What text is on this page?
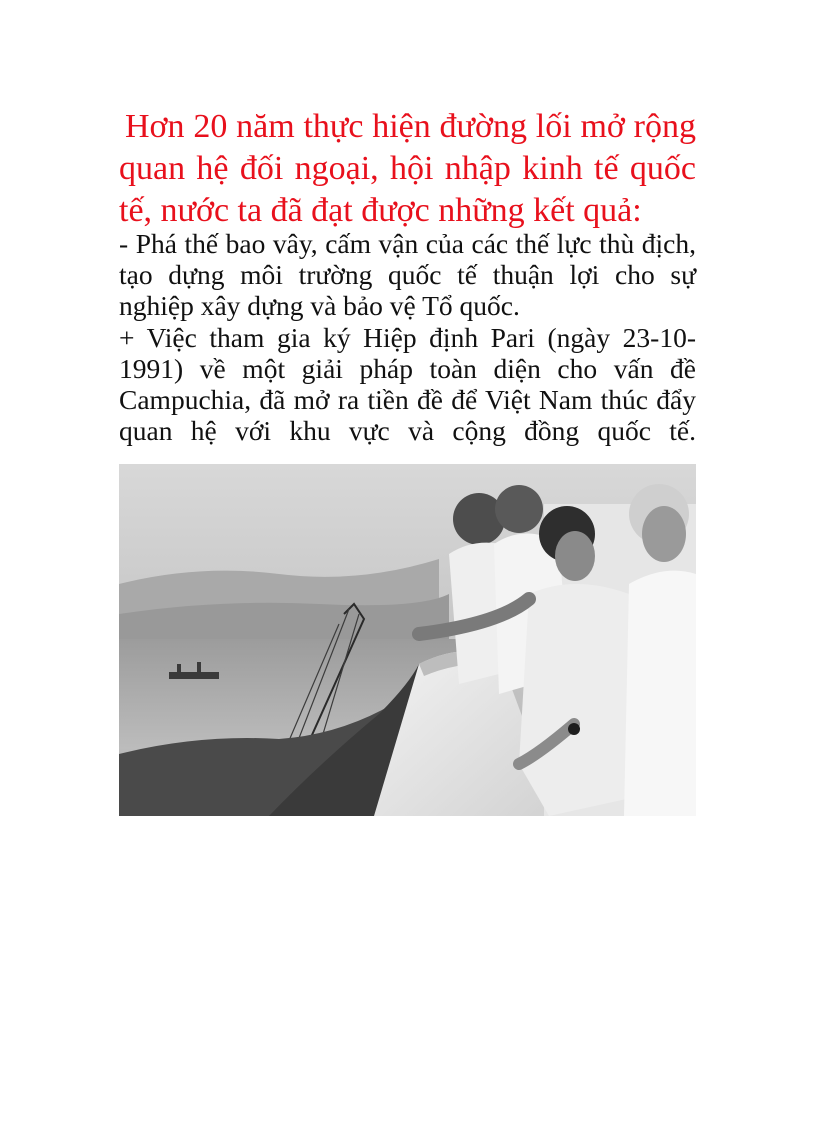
Hơn 20 năm thực hiện đường lối mở rộng quan hệ đối ngoại, hội nhập kinh tế quốc tế, nước ta đã đạt được những kết quả:

- Phá thế bao vây, cấm vận của các thế lực thù địch, tạo dựng môi trường quốc tế thuận lợi cho sự nghiệp xây dựng và bảo vệ Tổ quốc.

+ Việc tham gia ký Hiệp định Pari (ngày 23-10-1991) về một giải pháp toàn diện cho vấn đề Campuchia, đã mở ra tiền đề để Việt Nam thúc đẩy quan hệ với khu vực và cộng đồng quốc tế.
